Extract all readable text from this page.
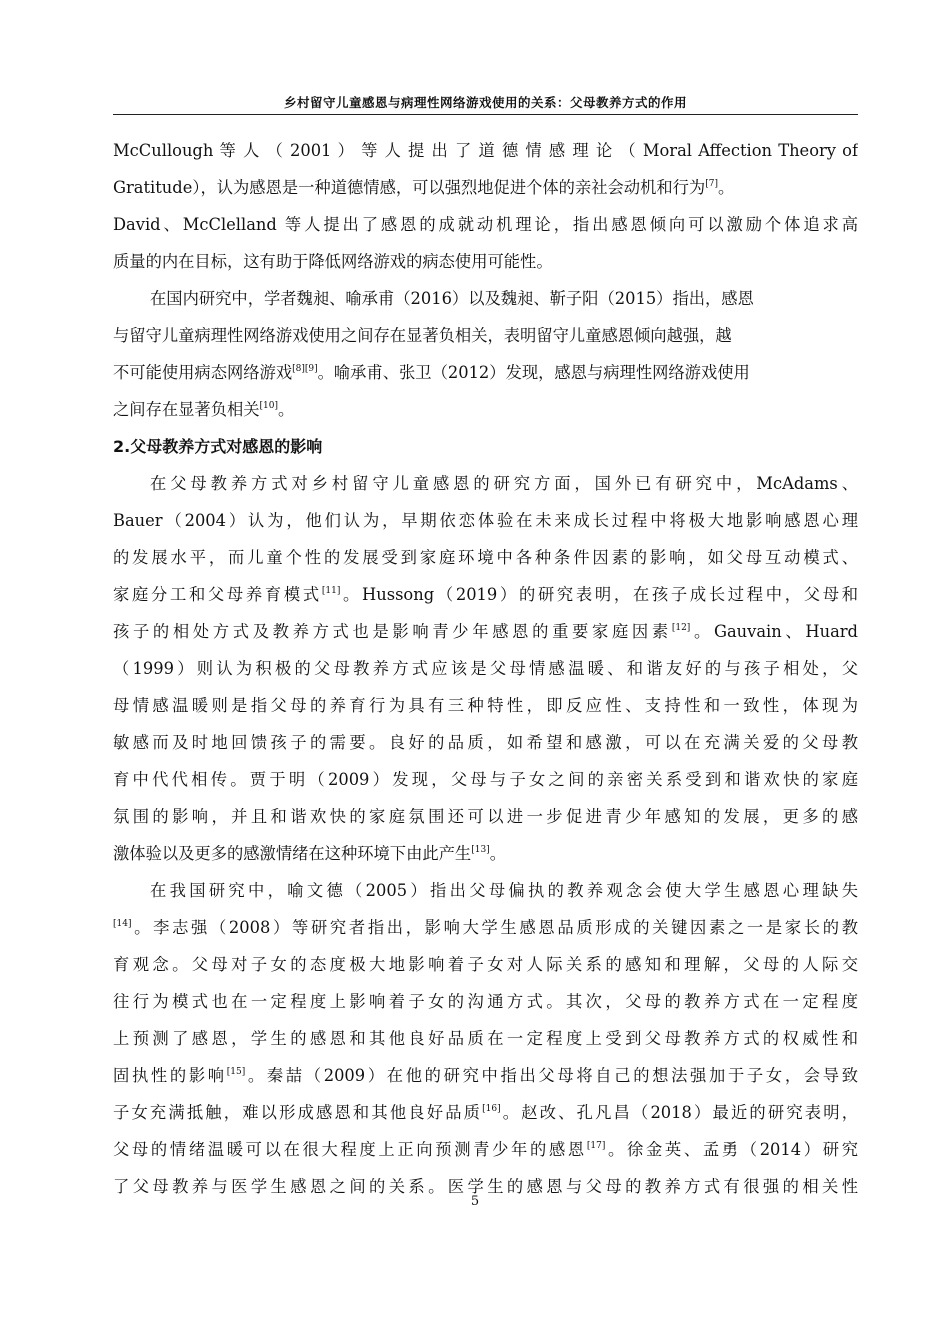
乡村留守儿童感恩与病理性网络游戏使用的关系：父母教养方式的作用
McCullough 等 人 （ 2001 ） 等 人 提 出 了 道 德 情 感 理 论 （ Moral Affection Theory of
Gratitude），认为感恩是一种道德情感，可以强烈地促进个体的亲社会动机和行为[7]。
David、McClelland 等人提出了感恩的成就动机理论，指出感恩倾向可以激励个体追求高
质量的内在目标，这有助于降低网络游戏的病态使用可能性。
在国内研究中，学者魏昶、喻承甫（2016）以及魏昶、靳子阳（2015）指出，感恩
与留守儿童病理性网络游戏使用之间存在显著负相关，表明留守儿童感恩倾向越强，越
不可能使用病态网络游戏[8][9]。喻承甫、张卫（2012）发现，感恩与病理性网络游戏使用
之间存在显著负相关[10]。
2.父母教养方式对感恩的影响
在父母教养方式对乡村留守儿童感恩的研究方面，国外已有研究中，McAdams、
Bauer（2004）认为，他们认为，早期依恋体验在未来成长过程中将极大地影响感恩心理
的发展水平，而儿童个性的发展受到家庭环境中各种条件因素的影响，如父母互动模式、
家庭分工和父母养育模式[11]。Hussong（2019）的研究表明，在孩子成长过程中，父母和
孩子的相处方式及教养方式也是影响青少年感恩的重要家庭因素[12]。Gauvain、Huard
（1999）则认为积极的父母教养方式应该是父母情感温暖、和谐友好的与孩子相处，父
母情感温暖则是指父母的养育行为具有三种特性，即反应性、支持性和一致性，体现为
敏感而及时地回馈孩子的需要。良好的品质，如希望和感激，可以在充满关爱的父母教
育中代代相传。贾于明（2009）发现，父母与子女之间的亲密关系受到和谐欢快的家庭
氛围的影响，并且和谐欢快的家庭氛围还可以进一步促进青少年感知的发展，更多的感
激体验以及更多的感激情绪在这种环境下由此产生[13]。
在我国研究中，喻文德（2005）指出父母偏执的教养观念会使大学生感恩心理缺失
[14]。李志强（2008）等研究者指出，影响大学生感恩品质形成的关键因素之一是家长的教
育观念。父母对子女的态度极大地影响着子女对人际关系的感知和理解，父母的人际交
往行为模式也在一定程度上影响着子女的沟通方式。其次，父母的教养方式在一定程度
上预测了感恩，学生的感恩和其他良好品质在一定程度上受到父母教养方式的权威性和
固执性的影响[15]。秦喆（2009）在他的研究中指出父母将自己的想法强加于子女，会导致
子女充满抵触，难以形成感恩和其他良好品质[16]。赵改、孔凡昌（2018）最近的研究表明，
父母的情绪温暖可以在很大程度上正向预测青少年的感恩[17]。徐金英、孟勇（2014）研究
了父母教养与医学生感恩之间的关系。医学生的感恩与父母的教养方式有很强的相关性
5
